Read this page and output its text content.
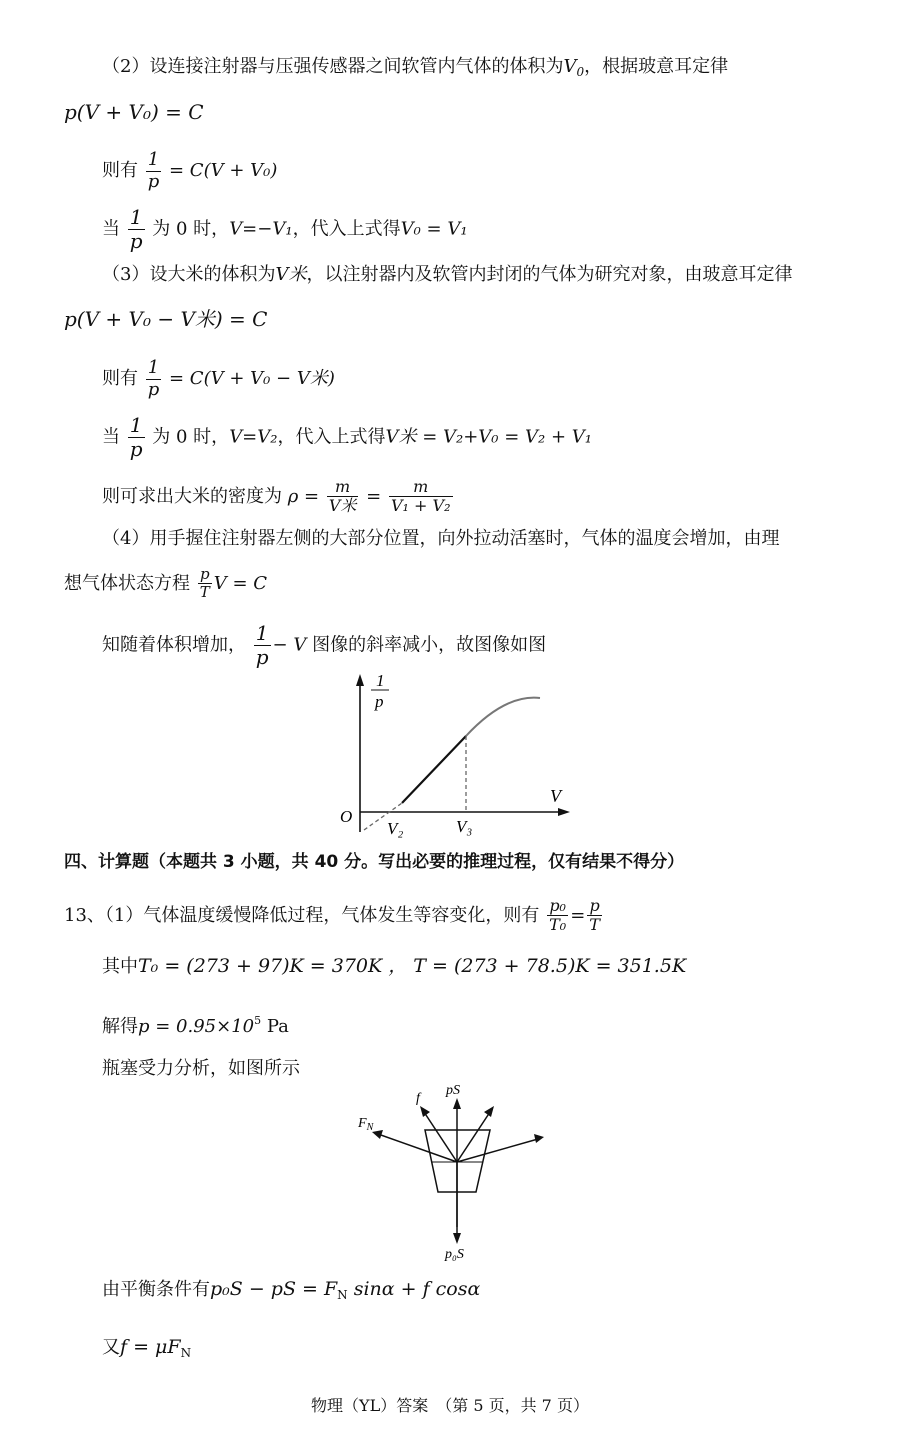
（2）设连接注射器与压强传感器之间软管内气体的体积为$V_0$，根据玻意耳定律
p(V + V₀) = C
则有 $\frac{1}{p} = C(V + V_0)$
当 $\frac{1}{p}$ 为 0 时，V=−V₁，代入上式得V₀ = V₁
（3）设大米的体积为V米，以注射器内及软管内封闭的气体为研究对象，由玻意耳定律
p(V + V₀ − V米) = C
则有 $\frac{1}{p} = C(V + V_0 - V$米)
当 $\frac{1}{p}$ 为 0 时，V=V₂，代入上式得V米 = V₂+V₀ = V₂ + V₁
则可求出大米的密度为 $\rho = \frac{m}{\text{V米}} = \frac{m}{\text{V₁ + V₂}}$
（4）用手握住注射器左侧的大部分位置，向外拉动活塞时，气体的温度会增加，由理
想气体状态方程 $\frac{p}{T}$ V = C
知随着体积增加， $\frac{1}{p} - V$ 图像的斜率减小，故图像如图
1
p
V
O
V₂	V₃
四、计算题（本题共 3 小题，共 40 分。写出必要的推理过程，仅有结果不得分）
13、（1）气体温度缓慢降低过程，气体发生等容变化，则有 $\frac{\text{p₀}}{\text{T₀}} = \frac{p}{T}$
其中T₀ = (273 + 97)K = 370K ， T = (273 + 78.5)K = 351.5K
解得$p = 0.95\times 10^5$ Pa
瓶塞受力分析，如图所示
pS
f
$F_N$
p₀S
由平衡条件有p₀S − pS = $F_N$ sinα + f cosα
又$f = \mu F_N$
物理（YL）答案　（第 5 页，共 7 页）
